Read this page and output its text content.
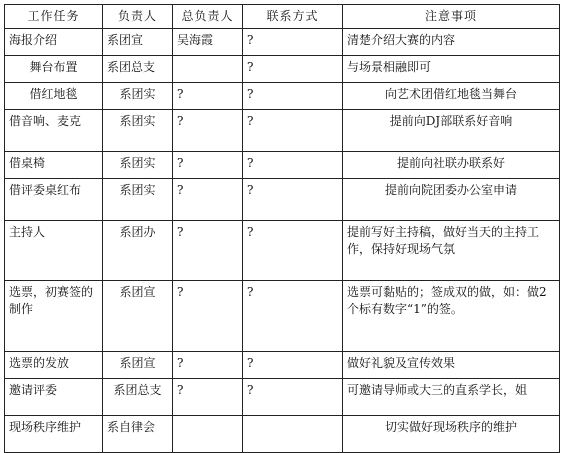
工作任务	负责人	总负责人	联系方式	注意事项
海报介绍	系团宣	吴海霞	?	清楚介绍大赛的内容
舞台布置	系团总支		?	与场景相融即可
借红地毯	系团实	?	?	向艺术团借红地毯当舞台
借音响、麦克	系团实	?	?	提前向DJ部联系好音响
借桌椅	系团实	?	?	提前向社联办联系好
借评委桌红布	系团实	?	?	提前向院团委办公室申请
主持人	系团办	?	?	提前写好主持稿，做好当天的主持工作，保持好现场气氛
选票，初赛签的制作	系团宣	?	?	选票可黏贴的；签成双的做，如：做2个标有数字“1”的签。
选票的发放	系团宣	?	?	做好礼貌及宣传效果
邀请评委	系团总支	?	?	可邀请导师或大三的直系学长，姐
现场秩序维护	系自律会			切实做好现场秩序的维护
